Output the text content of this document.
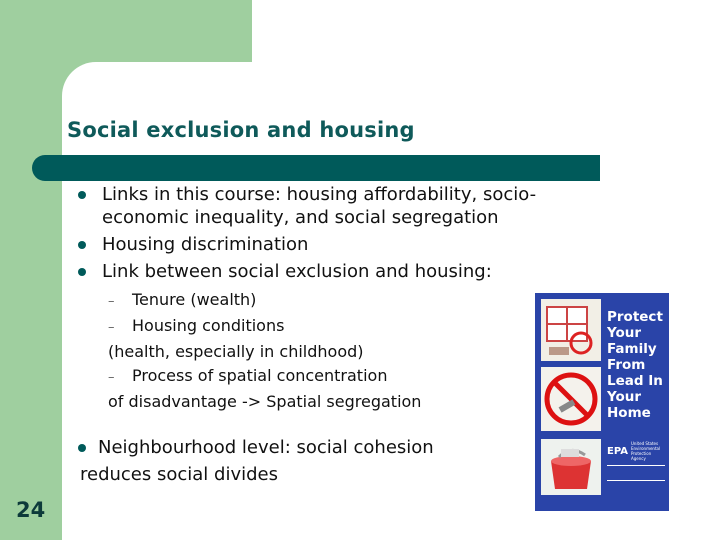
Social exclusion and housing
Links in this course: housing affordability, socio-economic inequality, and social segregation
Housing discrimination
Link between social exclusion and housing:
– Tenure (wealth)
– Housing conditions
(health, especially in childhood)
– Process of spatial concentration
of disadvantage -> Spatial segregation
Neighbourhood level: social cohesion
reduces social divides
24
Protect
Your
Family
From
Lead In
Your
Home
EPA
United States Environmental Protection Agency
